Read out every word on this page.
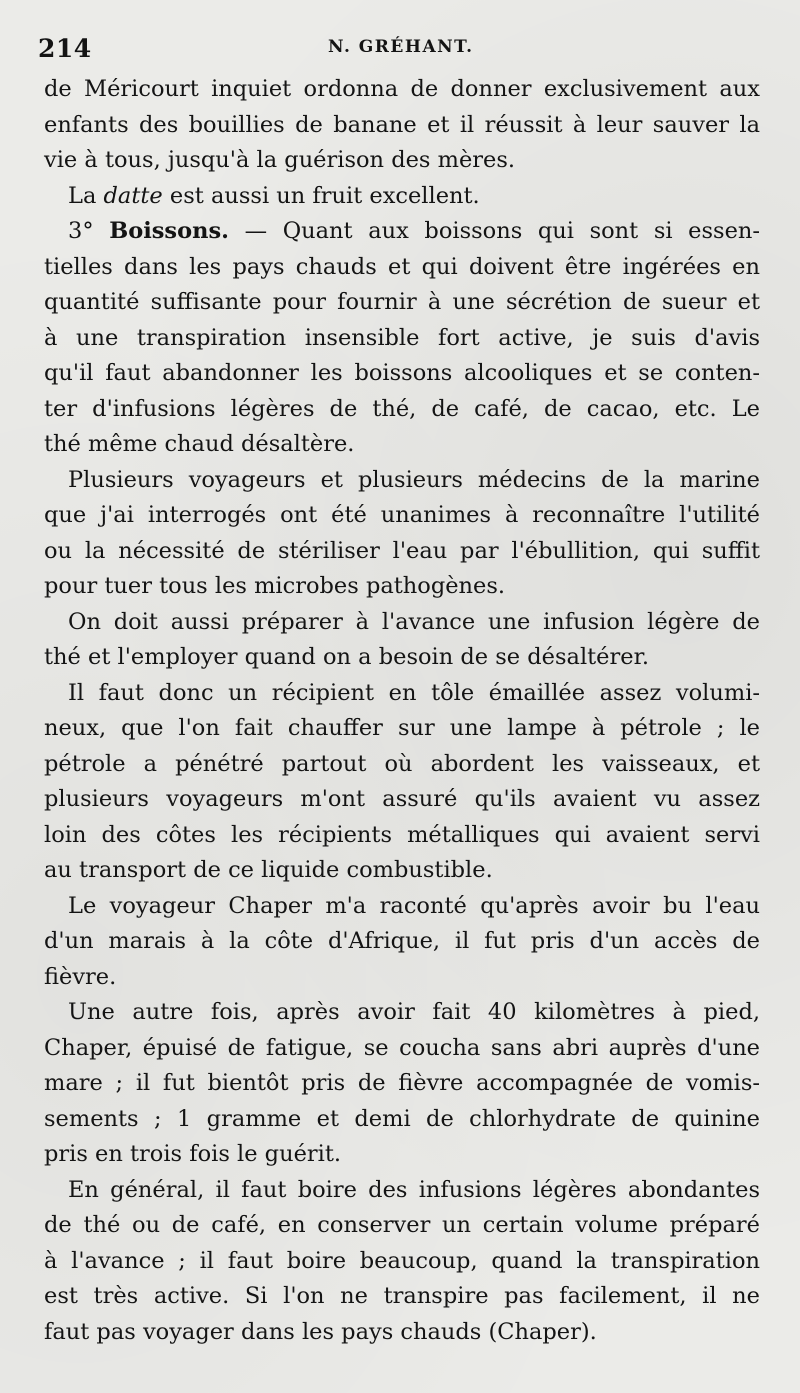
214	N. GRÉHANT.
de Méricourt inquiet ordonna de donner exclusivement aux
enfants des bouillies de banane et il réussit à leur sauver la
vie à tous, jusqu'à la guérison des mères.
La datte est aussi un fruit excellent.
3° Boissons. — Quant aux boissons qui sont si essen-
tielles dans les pays chauds et qui doivent être ingérées en
quantité suffisante pour fournir à une sécrétion de sueur et
à une transpiration insensible fort active, je suis d'avis
qu'il faut abandonner les boissons alcooliques et se conten-
ter d'infusions légères de thé, de café, de cacao, etc. Le
thé même chaud désaltère.
Plusieurs voyageurs et plusieurs médecins de la marine
que j'ai interrogés ont été unanimes à reconnaître l'utilité
ou la nécessité de stériliser l'eau par l'ébullition, qui suffit
pour tuer tous les microbes pathogènes.
On doit aussi préparer à l'avance une infusion légère de
thé et l'employer quand on a besoin de se désaltérer.
Il faut donc un récipient en tôle émaillée assez volumi-
neux, que l'on fait chauffer sur une lampe à pétrole ; le
pétrole a pénétré partout où abordent les vaisseaux, et
plusieurs voyageurs m'ont assuré qu'ils avaient vu assez
loin des côtes les récipients métalliques qui avaient servi
au transport de ce liquide combustible.
Le voyageur Chaper m'a raconté qu'après avoir bu l'eau
d'un marais à la côte d'Afrique, il fut pris d'un accès de
fièvre.
Une autre fois, après avoir fait 40 kilomètres à pied,
Chaper, épuisé de fatigue, se coucha sans abri auprès d'une
mare ; il fut bientôt pris de fièvre accompagnée de vomis-
sements ; 1 gramme et demi de chlorhydrate de quinine
pris en trois fois le guérit.
En général, il faut boire des infusions légères abondantes
de thé ou de café, en conserver un certain volume préparé
à l'avance ; il faut boire beaucoup, quand la transpiration
est très active. Si l'on ne transpire pas facilement, il ne
faut pas voyager dans les pays chauds (Chaper).
